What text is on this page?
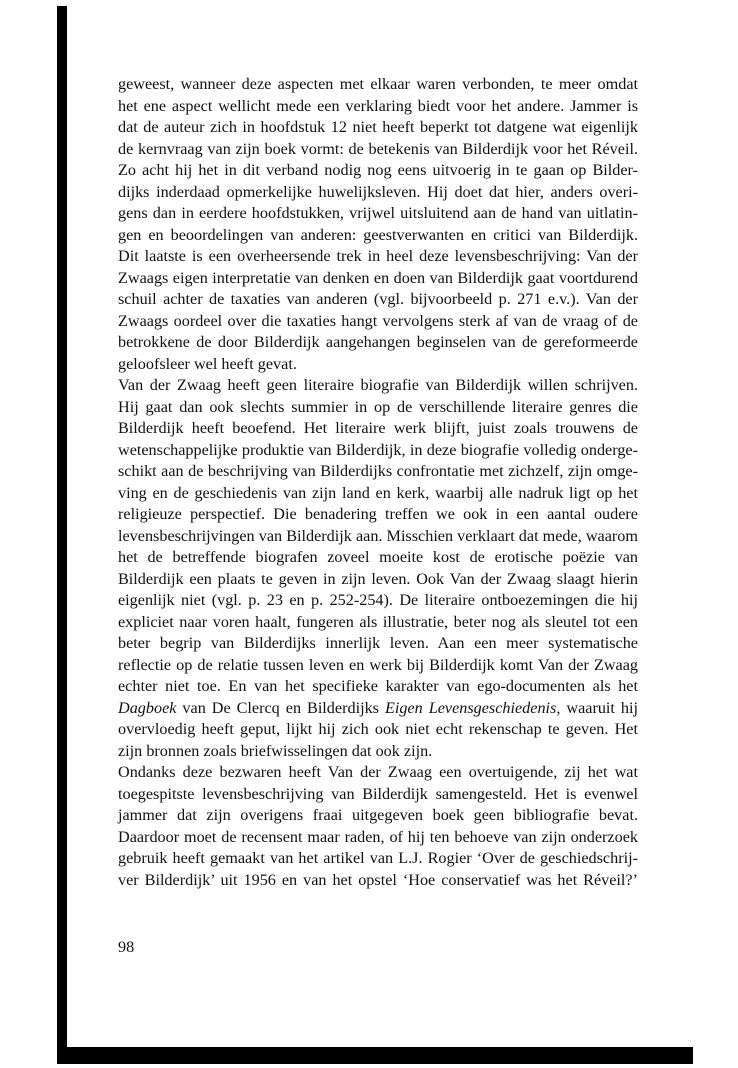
geweest, wanneer deze aspecten met elkaar waren verbonden, te meer omdat
het ene aspect wellicht mede een verklaring biedt voor het andere. Jammer is
dat de auteur zich in hoofdstuk 12 niet heeft beperkt tot datgene wat eigenlijk
de kernvraag van zijn boek vormt: de betekenis van Bilderdijk voor het Réveil.
Zo acht hij het in dit verband nodig nog eens uitvoerig in te gaan op Bilder-
dijks inderdaad opmerkelijke huwelijksleven. Hij doet dat hier, anders overi-
gens dan in eerdere hoofdstukken, vrijwel uitsluitend aan de hand van uitlatin-
gen en beoordelingen van anderen: geestverwanten en critici van Bilderdijk.
Dit laatste is een overheersende trek in heel deze levensbeschrijving: Van der
Zwaags eigen interpretatie van denken en doen van Bilderdijk gaat voortdurend
schuil achter de taxaties van anderen (vgl. bijvoorbeeld p. 271 e.v.). Van der
Zwaags oordeel over die taxaties hangt vervolgens sterk af van de vraag of de
betrokkene de door Bilderdijk aangehangen beginselen van de gereformeerde
geloofsleer wel heeft gevat.
Van der Zwaag heeft geen literaire biografie van Bilderdijk willen schrijven.
Hij gaat dan ook slechts summier in op de verschillende literaire genres die
Bilderdijk heeft beoefend. Het literaire werk blijft, juist zoals trouwens de
wetenschappelijke produktie van Bilderdijk, in deze biografie volledig onderge-
schikt aan de beschrijving van Bilderdijks confrontatie met zichzelf, zijn omge-
ving en de geschiedenis van zijn land en kerk, waarbij alle nadruk ligt op het
religieuze perspectief. Die benadering treffen we ook in een aantal oudere
levensbeschrijvingen van Bilderdijk aan. Misschien verklaart dat mede, waarom
het de betreffende biografen zoveel moeite kost de erotische poëzie van
Bilderdijk een plaats te geven in zijn leven. Ook Van der Zwaag slaagt hierin
eigenlijk niet (vgl. p. 23 en p. 252-254). De literaire ontboezemingen die hij
expliciet naar voren haalt, fungeren als illustratie, beter nog als sleutel tot een
beter begrip van Bilderdijks innerlijk leven. Aan een meer systematische
reflectie op de relatie tussen leven en werk bij Bilderdijk komt Van der Zwaag
echter niet toe. En van het specifieke karakter van ego-documenten als het
Dagboek van De Clercq en Bilderdijks Eigen Levensgeschiedenis, waaruit hij
overvloedig heeft geput, lijkt hij zich ook niet echt rekenschap te geven. Het
zijn bronnen zoals briefwisselingen dat ook zijn.
Ondanks deze bezwaren heeft Van der Zwaag een overtuigende, zij het wat
toegespitste levensbeschrijving van Bilderdijk samengesteld. Het is evenwel
jammer dat zijn overigens fraai uitgegeven boek geen bibliografie bevat.
Daardoor moet de recensent maar raden, of hij ten behoeve van zijn onderzoek
gebruik heeft gemaakt van het artikel van L.J. Rogier ‘Over de geschiedschrij-
ver Bilderdijk’ uit 1956 en van het opstel ‘Hoe conservatief was het Réveil?’
98
